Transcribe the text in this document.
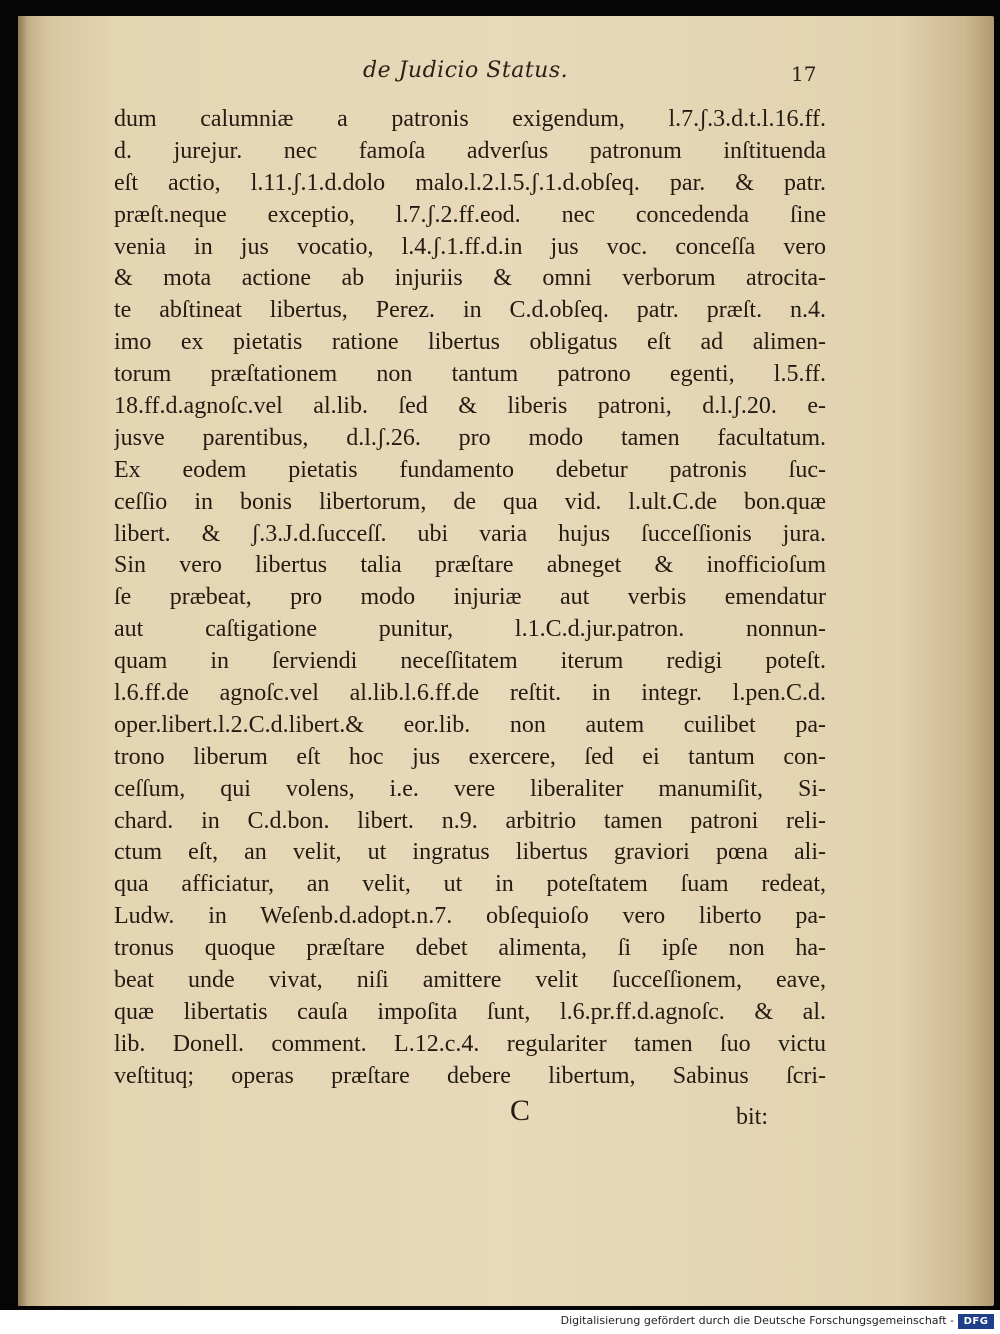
de Judicio Status.	17
dum calumniæ a patronis exigendum, l.7.ʃ.3.d.t.l.16.ff.
d. jurejur. nec famoſa adverſus patronum inſtituenda
eſt actio, l.11.ʃ.1.d.dolo malo.l.2.l.5.ʃ.1.d.obſeq. par. & patr.
præſt.neque exceptio, l.7.ʃ.2.ff.eod. nec concedenda ſine
venia in jus vocatio, l.4.ʃ.1.ff.d.in jus voc. conceſſa vero
& mota actione ab injuriis & omni verborum atrocita-
te abſtineat libertus, Perez. in C.d.obſeq. patr. præſt. n.4.
imo ex pietatis ratione libertus obligatus eſt ad alimen-
torum præſtationem non tantum patrono egenti, l.5.ff.
18.ff.d.agnoſc.vel al.lib. ſed & liberis patroni, d.l.ʃ.20. e-
jusve parentibus, d.l.ʃ.26. pro modo tamen facultatum.
Ex eodem pietatis fundamento debetur patronis ſuc-
ceſſio in bonis libertorum, de qua vid. l.ult.C.de bon.quæ
libert. & ʃ.3.J.d.ſucceſſ. ubi varia hujus ſucceſſionis jura.
Sin vero libertus talia præſtare abneget & inofficioſum
ſe præbeat, pro modo injuriæ aut verbis emendatur
aut caſtigatione punitur, l.1.C.d.jur.patron. nonnun-
quam in ſerviendi neceſſitatem iterum redigi poteſt.
l.6.ff.de agnoſc.vel al.lib.l.6.ff.de reſtit. in integr. l.pen.C.d.
oper.libert.l.2.C.d.libert.& eor.lib. non autem cuilibet pa-
trono liberum eſt hoc jus exercere, ſed ei tantum con-
ceſſum, qui volens, i.e. vere liberaliter manumiſit, Si-
chard. in C.d.bon. libert. n.9. arbitrio tamen patroni reli-
ctum eſt, an velit, ut ingratus libertus graviori pœna ali-
qua afficiatur, an velit, ut in poteſtatem ſuam redeat,
Ludw. in Weſenb.d.adopt.n.7. obſequioſo vero liberto pa-
tronus quoque præſtare debet alimenta, ſi ipſe non ha-
beat unde vivat, niſi amittere velit ſucceſſionem, eave,
quæ libertatis cauſa impoſita ſunt, l.6.pr.ff.d.agnoſc. & al.
lib. Donell. comment. L.12.c.4. regulariter tamen ſuo victu
veſtituq; operas præſtare debere libertum, Sabinus ſcri-
C	bit:
Digitalisierung gefördert durch die Deutsche Forschungsgemeinschaft - DFG
